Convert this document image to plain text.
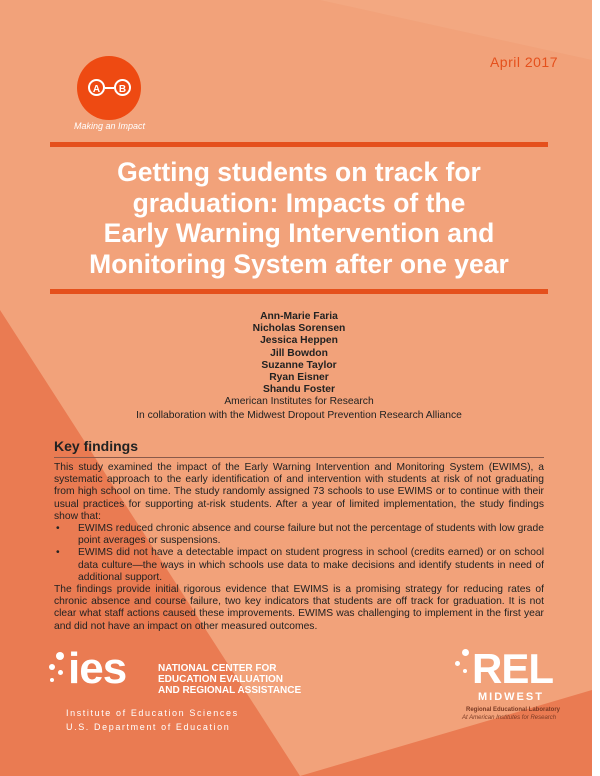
April 2017
A	B
Making an Impact
Getting students on track for
graduation: Impacts of the
Early Warning Intervention and
Monitoring System after one year
Ann-Marie Faria
Nicholas Sorensen
Jessica Heppen
Jill Bowdon
Suzanne Taylor
Ryan Eisner
Shandu Foster
American Institutes for Research
In collaboration with the Midwest Dropout Prevention Research Alliance
Key findings

This study examined the impact of the Early Warning Intervention and Monitoring System (EWIMS), a systematic approach to the early identification of and intervention with students at risk of not graduating from high school on time. The study randomly assigned 73 schools to use EWIMS or to continue with their usual practices for supporting at-risk students. After a year of limited implementation, the study findings show that:

• EWIMS reduced chronic absence and course failure but not the percentage of students with low grade point averages or suspensions.
• EWIMS did not have a detectable impact on student progress in school (credits earned) or on school data culture—the ways in which schools use data to make decisions and identify students in need of additional support.

The findings provide initial rigorous evidence that EWIMS is a promising strategy for reducing rates of chronic absence and course failure, two key indicators that students are off track for graduation. It is not clear what staff actions caused these improvements. EWIMS was challenging to implement in the first year and did not have an impact on other measured outcomes.

ies	NATIONAL CENTER FOR
EDUCATION EVALUATION
AND REGIONAL ASSISTANCE
Institute of Education Sciences
U.S. Department of Education
REL
MIDWEST
Regional Educational Laboratory
At American Institutes for Research
